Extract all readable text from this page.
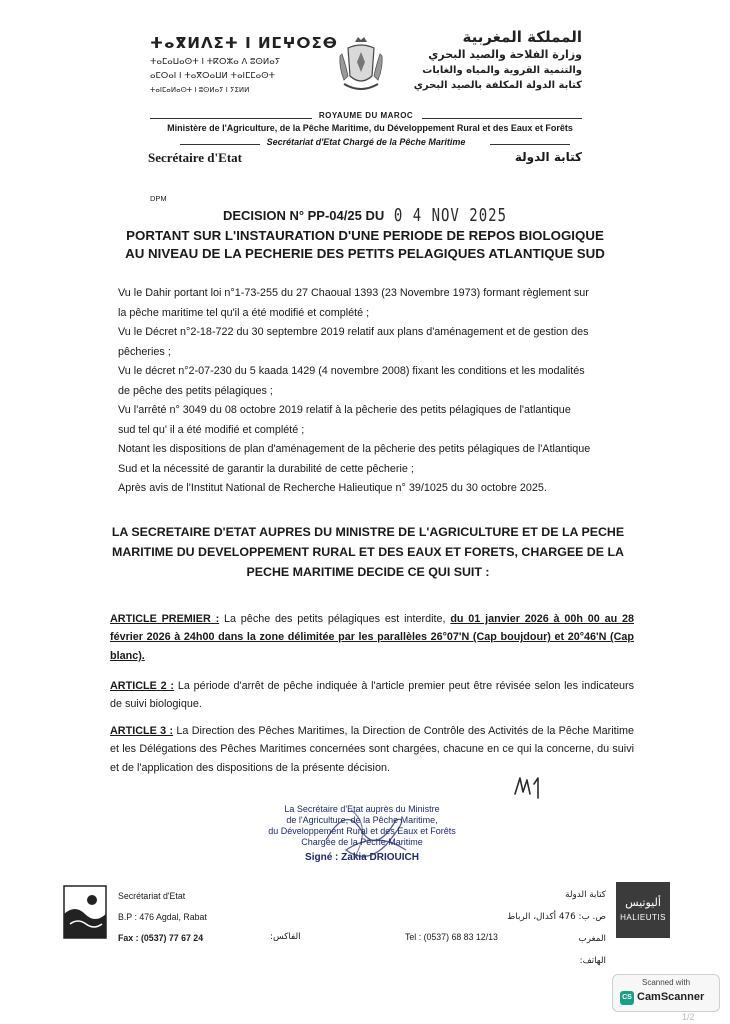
ⵜⴰⴳⵍⴷⵉⵜ ⵏ ⵍⵎⵖⵔⵉⴱ
ⵜⴰⵎⴰⵡⴰⵙⵜ ⵏ ⵜⴽⵔⵣⴰ ⴷ ⵓⵙⵍⴰⵢ
ⴰⵎⵔⴰⵏ ⵏ ⵜⴰⴳⵔⴰⵡⵍ ⵜⴰⵏⵎⵎⴰⵙⵜ
ⵜⴰⵏⵎⴰⵍⴰⵙⵜ ⵏ ⵓⵙⵍⴰⵢ ⵏ ⵢⵉⵍⵍ
المملكة المغربية
وزارة الفلاحة والصيد البحري
والتنمية القروية والمياه والغابات
كتابة الدولة المكلفة بالصيد البحري
ROYAUME DU MAROC
Ministère de l'Agriculture, de la Pêche Maritime, du Développement Rural et des Eaux et Forêts
Secrétariat d'Etat Chargé de la Pêche Maritime
Secrétaire d'Etat	كتابة الدولة
DPM
DECISION N° PP-04/25 DU 0 4 NOV 2025
PORTANT SUR L'INSTAURATION D'UNE PERIODE DE REPOS BIOLOGIQUE
AU NIVEAU DE LA PECHERIE DES PETITS PELAGIQUES ATLANTIQUE SUD

Vu le Dahir portant loi n°1-73-255 du 27 Chaoual 1393 (23 Novembre 1973) formant règlement sur

la pêche maritime tel qu'il a été modifié et complété ;

Vu le Décret n°2-18-722 du 30 septembre 2019 relatif aux plans d'aménagement et de gestion des

pêcheries ;

Vu le décret n°2-07-230 du 5 kaada 1429 (4 novembre 2008) fixant les conditions et les modalités

de pêche des petits pélagiques ;

Vu l'arrêté n° 3049 du 08 octobre 2019 relatif à la pêcherie des petits pélagiques de l'atlantique

sud tel qu' il a été modifié et complété ;

Notant les dispositions de plan d'aménagement de la pêcherie des petits pélagiques de l'Atlantique

Sud et la nécessité de garantir la durabilité de cette pêcherie ;

Après avis de l'Institut National de Recherche Halieutique n° 39/1025 du 30 octobre 2025.

LA SECRETAIRE D'ETAT AUPRES DU MINISTRE DE L'AGRICULTURE ET DE LA PECHE
MARITIME DU DEVELOPPEMENT RURAL ET DES EAUX ET FORETS, CHARGEE DE LA
PECHE MARITIME DECIDE CE QUI SUIT :
ARTICLE PREMIER : La pêche des petits pélagiques est interdite, du 01 janvier 2026 à 00h 00 au 28 février 2026 à 24h00 dans la zone délimitée par les parallèles 26°07'N (Cap boujdour) et 20°46'N (Cap blanc).
ARTICLE 2 : La période d'arrêt de pêche indiquée à l'article premier peut être révisée selon les indicateurs de suivi biologique.
ARTICLE 3 : La Direction des Pêches Maritimes, la Direction de Contrôle des Activités de la Pêche Maritime et les Délégations des Pêches Maritimes concernées sont chargées, chacune en ce qui la concerne, du suivi et de l'application des dispositions de la présente décision.
La Secrétaire d'Etat auprès du Ministre
de l'Agriculture, de la Pêche Maritime,
du Développement Rural et des Eaux et Forêts
Chargée de la Pêche Maritime
Signé : Zakia DRIOUICH
Secrétariat d'Etat
B.P : 476 Agdal, Rabat
Fax : (0537) 77 67 24	الفاكس:	Tel : (0537) 68 83 12/13
كتابة الدولة
ص. ب: 476 أكدال، الرباط المغرب
الهاتف:
أليوتيس
HALIEUTIS
Scanned with
CS CamScanner
1/2
